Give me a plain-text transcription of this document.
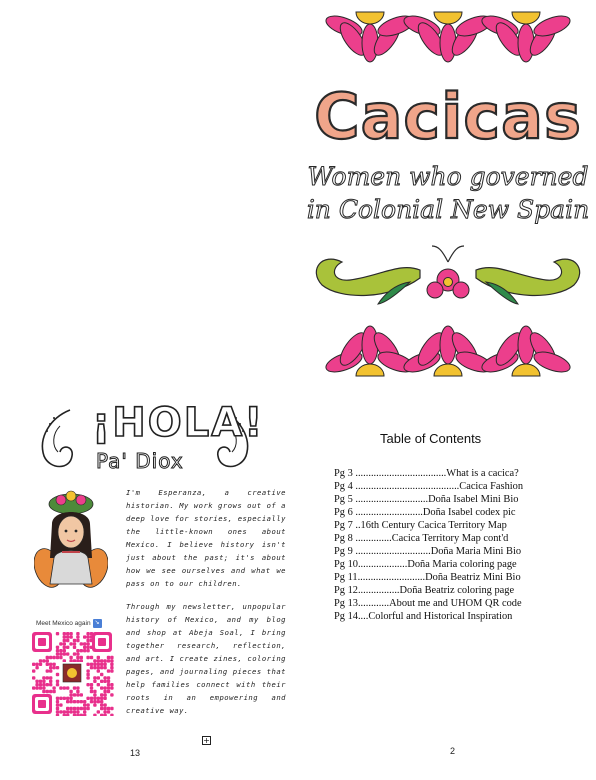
Cacicas
Women who governed
in Colonial New Spain
¡HOLA!
Pa' Diox

I'm Esperanza, a creative historian. My work grows out of a deep love for stories, especially the little-known ones about Mexico. I believe history isn't just about the past; it's about how we see ourselves and what we pass on to our children.

Through my newsletter, unpopular history of Mexico, and my blog and shop at Abeja Soal, I bring together research, reflection, and art. I create zines, coloring pages, and journaling pieces that help families connect with their roots in an empowering and creative way.

Meet Mexico again ↘
13
+
Table of Contents
Pg 3 ...................................What is a cacica?
Pg 4 ........................................Cacica Fashion
Pg 5 ............................Doña Isabel Mini Bio
Pg 6 ..........................Doña Isabel codex pic
Pg 7 ..16th Century Cacica Territory Map
Pg 8 ..............Cacica Territory Map cont'd
Pg 9 .............................Doña Maria Mini Bio
Pg 10...................Doña Maria coloring page
Pg 11..........................Doña Beatriz Mini Bio
Pg 12................Doña Beatriz coloring page
Pg 13............About me and UHOM QR code
Pg 14....Colorful and Historical Inspiration
2
